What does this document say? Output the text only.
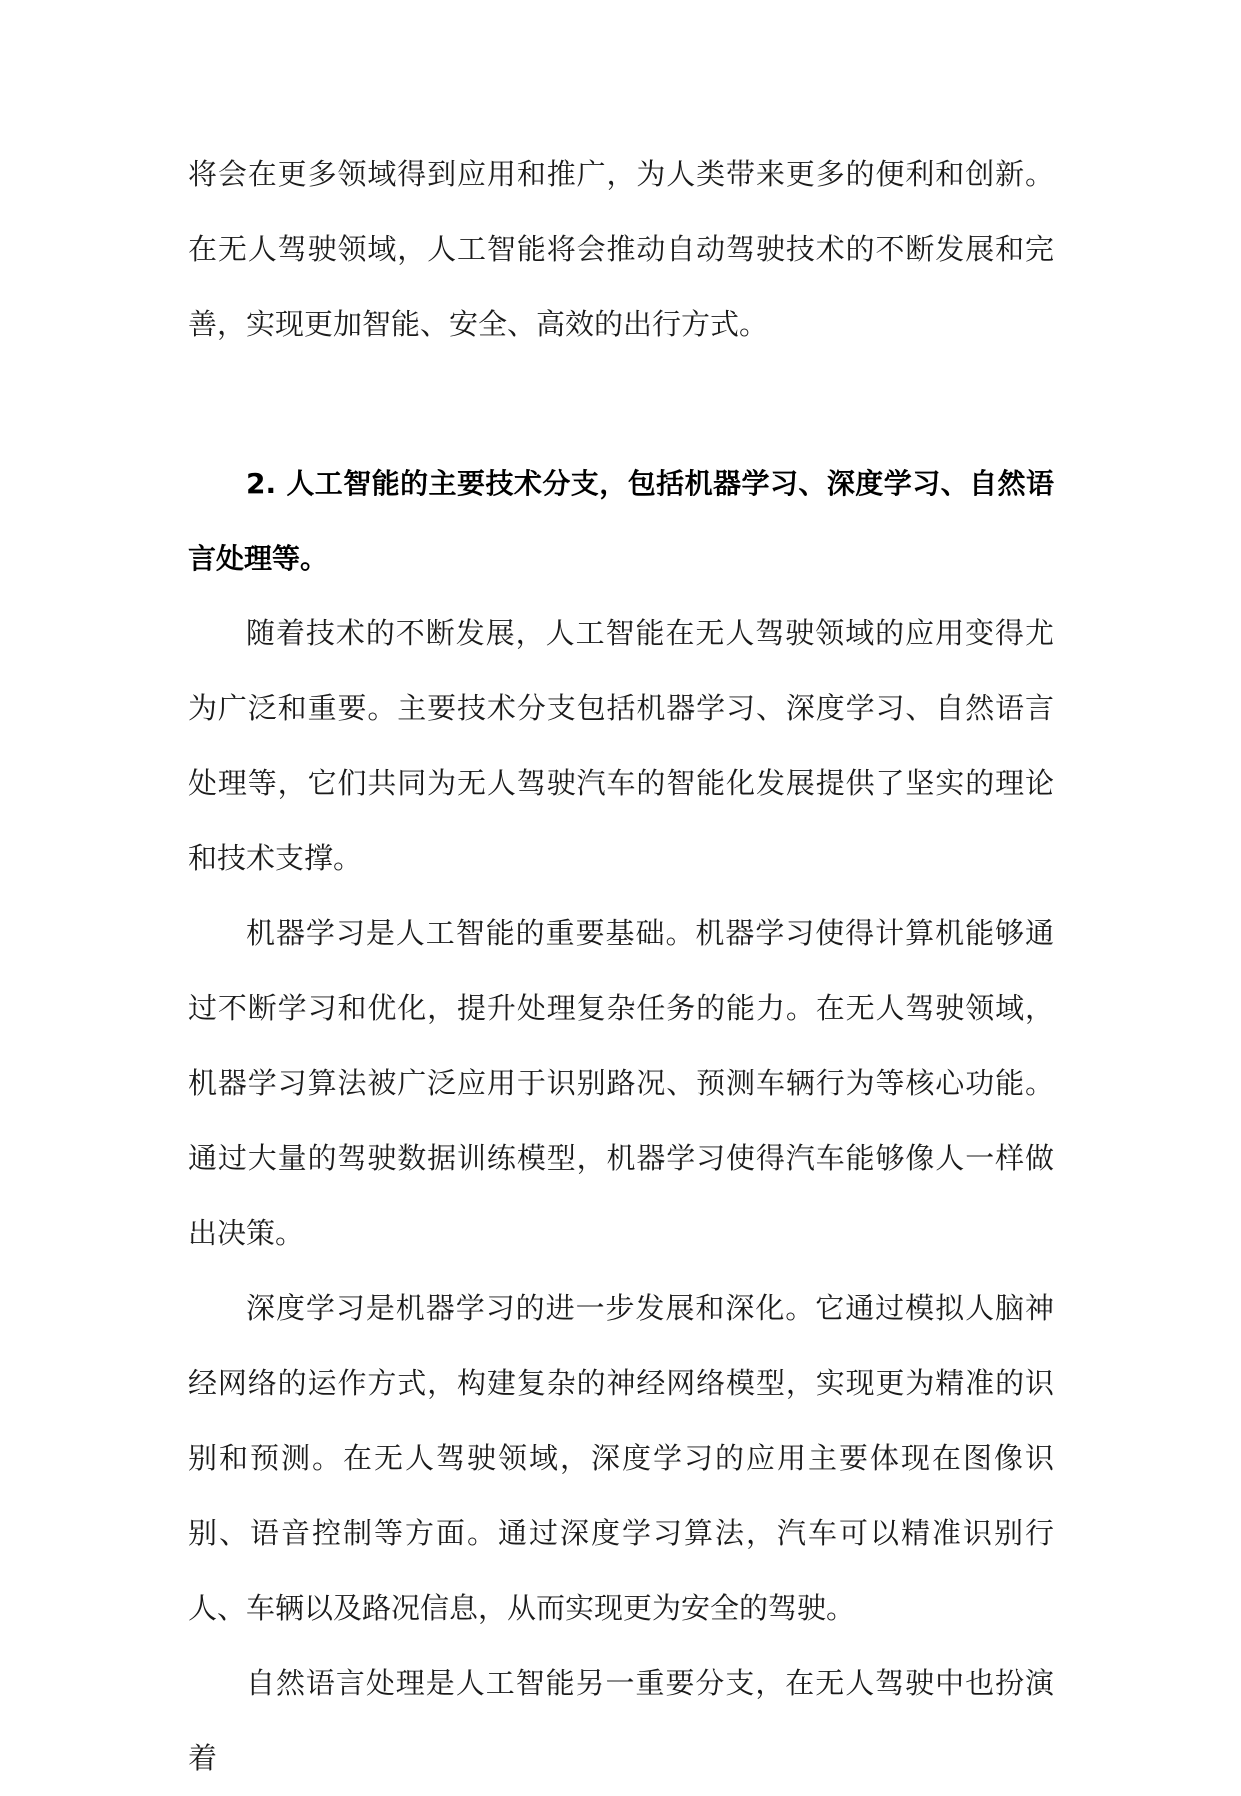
将会在更多领域得到应用和推广，为人类带来更多的便利和创新。在无人驾驶领域，人工智能将会推动自动驾驶技术的不断发展和完善，实现更加智能、安全、高效的出行方式。

2. 人工智能的主要技术分支，包括机器学习、深度学习、自然语言处理等。

随着技术的不断发展，人工智能在无人驾驶领域的应用变得尤为广泛和重要。主要技术分支包括机器学习、深度学习、自然语言处理等，它们共同为无人驾驶汽车的智能化发展提供了坚实的理论和技术支撑。

机器学习是人工智能的重要基础。机器学习使得计算机能够通过不断学习和优化，提升处理复杂任务的能力。在无人驾驶领域，机器学习算法被广泛应用于识别路况、预测车辆行为等核心功能。通过大量的驾驶数据训练模型，机器学习使得汽车能够像人一样做出决策。

深度学习是机器学习的进一步发展和深化。它通过模拟人脑神经网络的运作方式，构建复杂的神经网络模型，实现更为精准的识别和预测。在无人驾驶领域，深度学习的应用主要体现在图像识别、语音控制等方面。通过深度学习算法，汽车可以精准识别行人、车辆以及路况信息，从而实现更为安全的驾驶。

自然语言处理是人工智能另一重要分支，在无人驾驶中也扮演着
